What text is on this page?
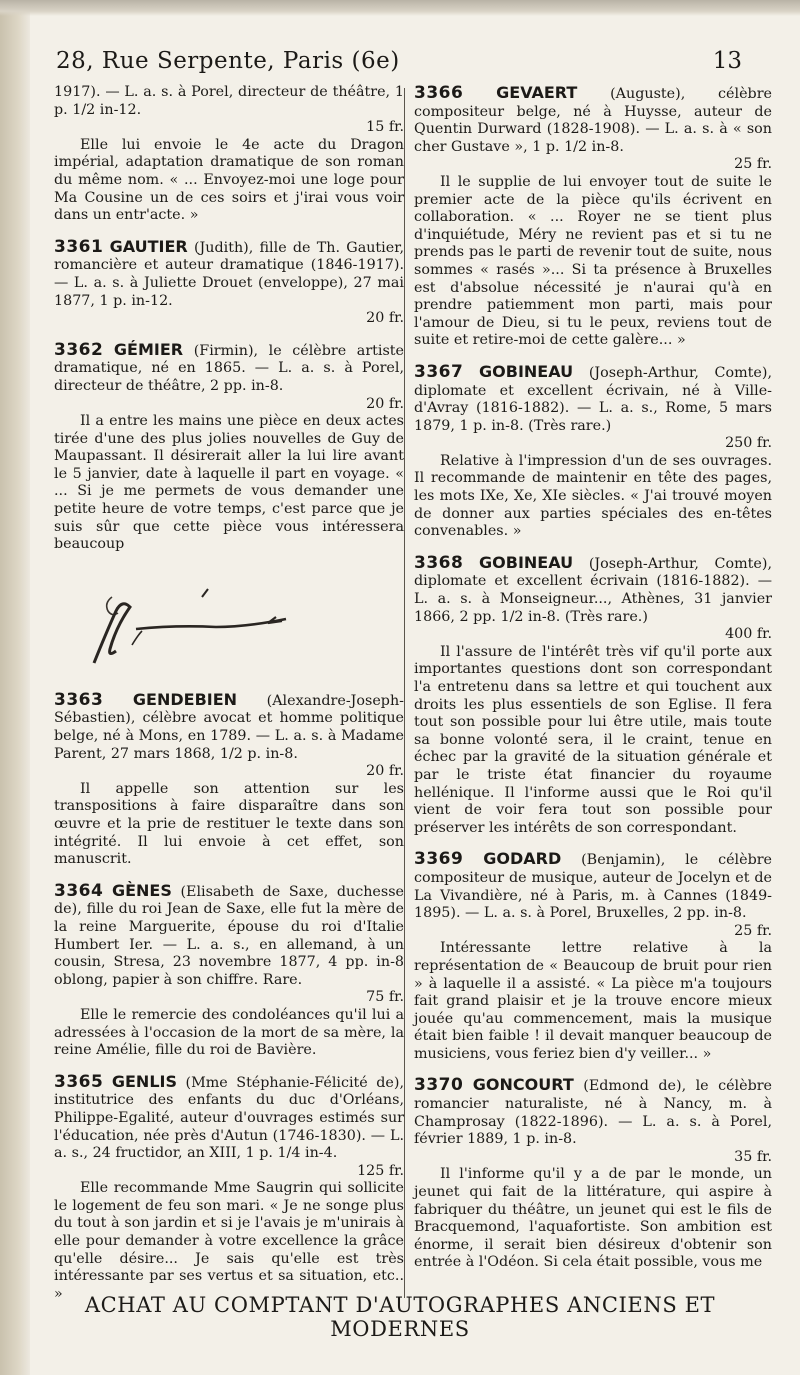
28, Rue Serpente, Paris (6e)	13

1917). — L. a. s. à Porel, directeur de théâtre, 1 p. 1/2 in-12.

15 fr.

Elle lui envoie le 4e acte du Dragon impérial, adaptation dramatique de son roman du même nom. « ... Envoyez-moi une loge pour Ma Cousine un de ces soirs et j'irai vous voir dans un entr'acte. »

3361 GAUTIER (Judith), fille de Th. Gautier, romancière et auteur dramatique (1846-1917). — L. a. s. à Juliette Drouet (enveloppe), 27 mai 1877, 1 p. in-12.

20 fr.

3362 GÉMIER (Firmin), le célèbre artiste dramatique, né en 1865. — L. a. s. à Porel, directeur de théâtre, 2 pp. in-8.

20 fr.

Il a entre les mains une pièce en deux actes tirée d'une des plus jolies nouvelles de Guy de Maupassant. Il désirerait aller la lui lire avant le 5 janvier, date à laquelle il part en voyage. « ... Si je me permets de vous demander une petite heure de votre temps, c'est parce que je suis sûr que cette pièce vous intéressera beaucoup

3363 GENDEBIEN (Alexandre-Joseph-Sébastien), célèbre avocat et homme politique belge, né à Mons, en 1789. — L. a. s. à Madame Parent, 27 mars 1868, 1/2 p. in-8.

20 fr.

Il appelle son attention sur les transpositions à faire disparaître dans son œuvre et la prie de restituer le texte dans son intégrité. Il lui envoie à cet effet, son manuscrit.

3364 GÈNES (Elisabeth de Saxe, duchesse de), fille du roi Jean de Saxe, elle fut la mère de la reine Marguerite, épouse du roi d'Italie Humbert Ier. — L. a. s., en allemand, à un cousin, Stresa, 23 novembre 1877, 4 pp. in-8 oblong, papier à son chiffre. Rare.

75 fr.

Elle le remercie des condoléances qu'il lui a adressées à l'occasion de la mort de sa mère, la reine Amélie, fille du roi de Bavière.

3365 GENLIS (Mme Stéphanie-Félicité de), institutrice des enfants du duc d'Orléans, Philippe-Egalité, auteur d'ouvrages estimés sur l'éducation, née près d'Autun (1746-1830). — L. a. s., 24 fructidor, an XIII, 1 p. 1/4 in-4.

125 fr.

Elle recommande Mme Saugrin qui sollicite le logement de feu son mari. « Je ne songe plus du tout à son jardin et si je l'avais je m'unirais à elle pour demander à votre excellence la grâce qu'elle désire... Je sais qu'elle est très intéressante par ses vertus et sa situation, etc.. »

3366 GEVAERT (Auguste), célèbre compositeur belge, né à Huysse, auteur de Quentin Durward (1828-1908). — L. a. s. à « son cher Gustave », 1 p. 1/2 in-8.

25 fr.

Il le supplie de lui envoyer tout de suite le premier acte de la pièce qu'ils écrivent en collaboration. « ... Royer ne se tient plus d'inquiétude, Méry ne revient pas et si tu ne prends pas le parti de revenir tout de suite, nous sommes « rasés »... Si ta présence à Bruxelles est d'absolue nécessité je n'aurai qu'à en prendre patiemment mon parti, mais pour l'amour de Dieu, si tu le peux, reviens tout de suite et retire-moi de cette galère... »

3367 GOBINEAU (Joseph-Arthur, Comte), diplomate et excellent écrivain, né à Ville-d'Avray (1816-1882). — L. a. s., Rome, 5 mars 1879, 1 p. in-8. (Très rare.)

250 fr.

Relative à l'impression d'un de ses ouvrages. Il recommande de maintenir en tête des pages, les mots IXe, Xe, XIe siècles. « J'ai trouvé moyen de donner aux parties spéciales des en-têtes convenables. »

3368 GOBINEAU (Joseph-Arthur, Comte), diplomate et excellent écrivain (1816-1882). — L. a. s. à Monseigneur..., Athènes, 31 janvier 1866, 2 pp. 1/2 in-8. (Très rare.)

400 fr.

Il l'assure de l'intérêt très vif qu'il porte aux importantes questions dont son correspondant l'a entretenu dans sa lettre et qui touchent aux droits les plus essentiels de son Eglise. Il fera tout son possible pour lui être utile, mais toute sa bonne volonté sera, il le craint, tenue en échec par la gravité de la situation générale et par le triste état financier du royaume hellénique. Il l'informe aussi que le Roi qu'il vient de voir fera tout son possible pour préserver les intérêts de son correspondant.

3369 GODARD (Benjamin), le célèbre compositeur de musique, auteur de Jocelyn et de La Vivandière, né à Paris, m. à Cannes (1849-1895). — L. a. s. à Porel, Bruxelles, 2 pp. in-8.

25 fr.

Intéressante lettre relative à la représentation de « Beaucoup de bruit pour rien » à laquelle il a assisté. « La pièce m'a toujours fait grand plaisir et je la trouve encore mieux jouée qu'au commencement, mais la musique était bien faible ! il devait manquer beaucoup de musiciens, vous feriez bien d'y veiller... »

3370 GONCOURT (Edmond de), le célèbre romancier naturaliste, né à Nancy, m. à Champrosay (1822-1896). — L. a. s. à Porel, février 1889, 1 p. in-8.

35 fr.

Il l'informe qu'il y a de par le monde, un jeunet qui fait de la littérature, qui aspire à fabriquer du théâtre, un jeunet qui est le fils de Bracquemond, l'aquafortiste. Son ambition est énorme, il serait bien désireux d'obtenir son entrée à l'Odéon. Si cela était possible, vous me

ACHAT AU COMPTANT D'AUTOGRAPHES ANCIENS ET MODERNES
